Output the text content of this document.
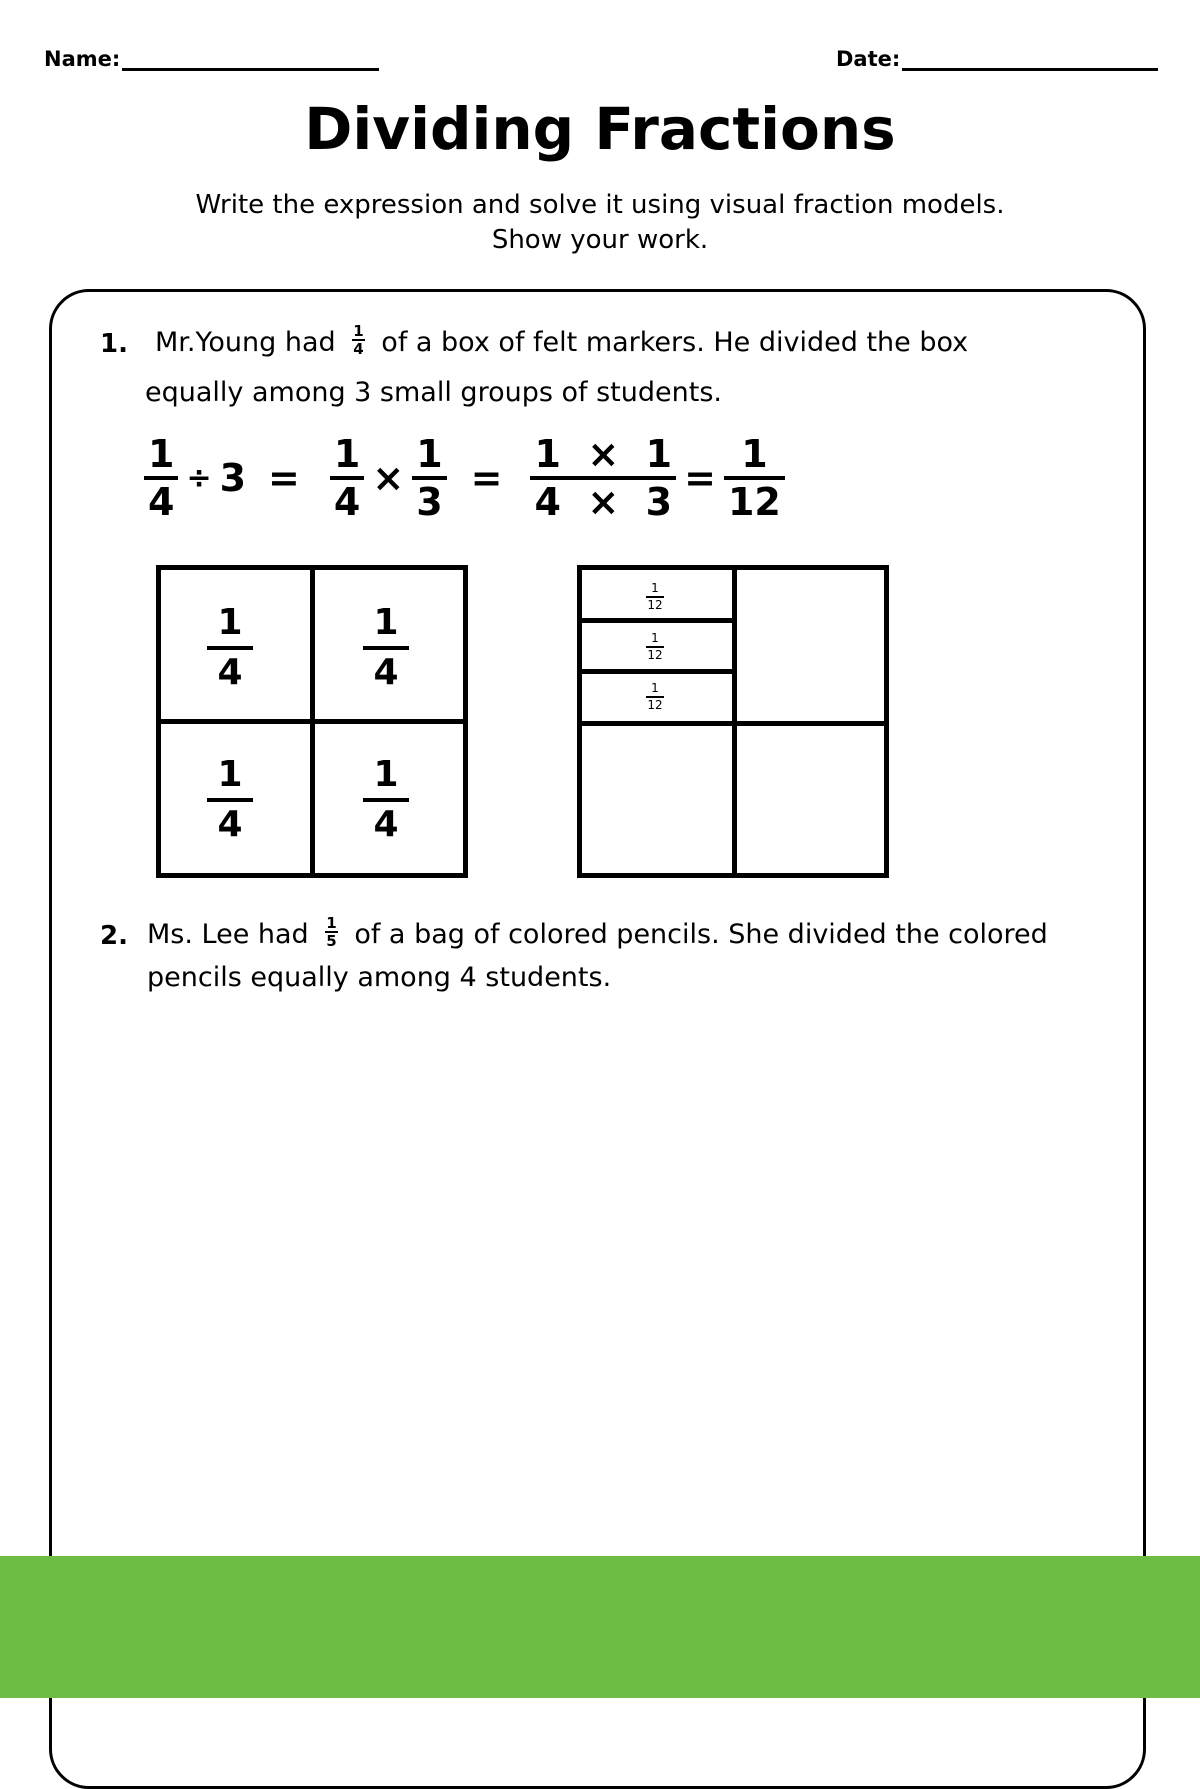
Name:	Date:
Dividing Fractions
Write the expression and solve it using visual fraction models.
Show your work.
1. Mr.Young had $\frac{1}{4}$ of a box of felt markers. He divided the box
equally among 3 small groups of students.
$\frac{1}{4} \div 3 = \frac{1}{4} \times \frac{1}{3} = \frac{1 \times 1}{4 \times 3} = \frac{1}{12}$
1
4
1
4
1
4
1
4
1
12
1
12
1
12
2. Ms. Lee had $\frac{1}{5}$ of a bag of colored pencils. She divided the colored
pencils equally among 4 students.
